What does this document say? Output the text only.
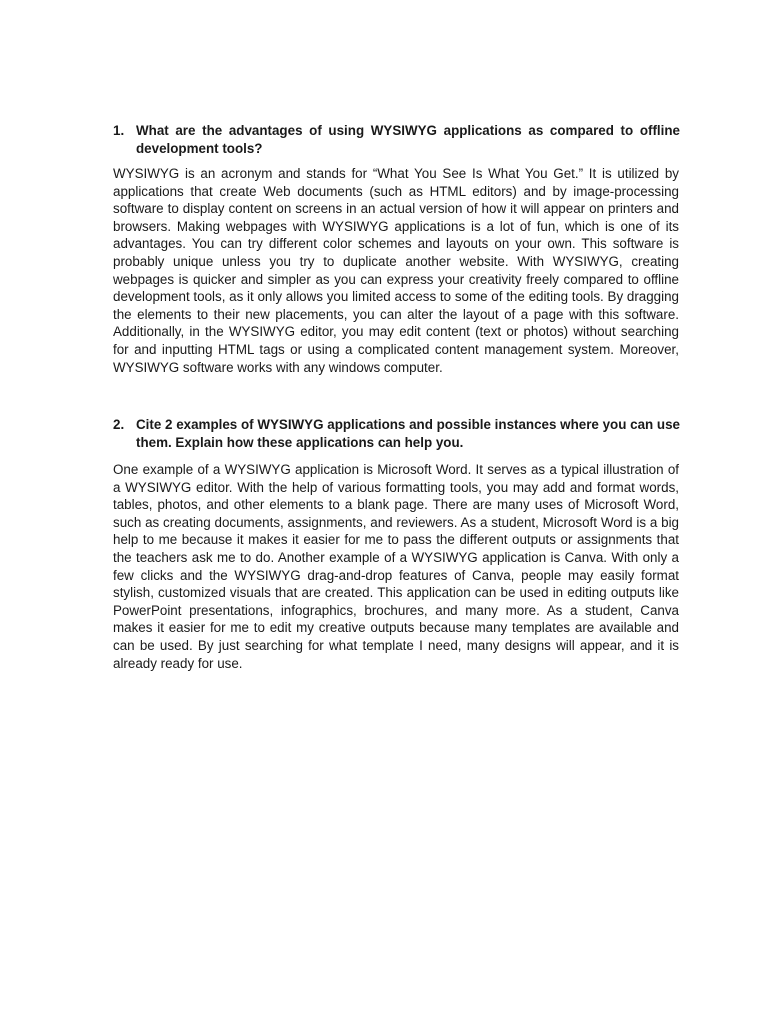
1. What are the advantages of using WYSIWYG applications as compared to offline development tools?

WYSIWYG is an acronym and stands for “What You See Is What You Get.” It is utilized by applications that create Web documents (such as HTML editors) and by image-processing software to display content on screens in an actual version of how it will appear on printers and browsers. Making webpages with WYSIWYG applications is a lot of fun, which is one of its advantages. You can try different color schemes and layouts on your own. This software is probably unique unless you try to duplicate another website. With WYSIWYG, creating webpages is quicker and simpler as you can express your creativity freely compared to offline development tools, as it only allows you limited access to some of the editing tools. By dragging the elements to their new placements, you can alter the layout of a page with this software. Additionally, in the WYSIWYG editor, you may edit content (text or photos) without searching for and inputting HTML tags or using a complicated content management system. Moreover, WYSIWYG software works with any windows computer.

2. Cite 2 examples of WYSIWYG applications and possible instances where you can use them. Explain how these applications can help you.

One example of a WYSIWYG application is Microsoft Word. It serves as a typical illustration of a WYSIWYG editor. With the help of various formatting tools, you may add and format words, tables, photos, and other elements to a blank page. There are many uses of Microsoft Word, such as creating documents, assignments, and reviewers. As a student, Microsoft Word is a big help to me because it makes it easier for me to pass the different outputs or assignments that the teachers ask me to do. Another example of a WYSIWYG application is Canva. With only a few clicks and the WYSIWYG drag-and-drop features of Canva, people may easily format stylish, customized visuals that are created. This application can be used in editing outputs like PowerPoint presentations, infographics, brochures, and many more. As a student, Canva makes it easier for me to edit my creative outputs because many templates are available and can be used. By just searching for what template I need, many designs will appear, and it is already ready for use.
